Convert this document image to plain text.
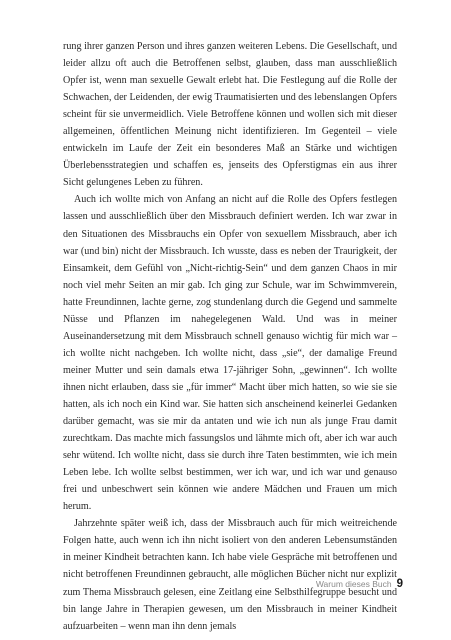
rung ihrer ganzen Person und ihres ganzen weiteren Lebens. Die Gesellschaft, und leider allzu oft auch die Betroffenen selbst, glauben, dass man ausschließlich Opfer ist, wenn man sexuelle Gewalt erlebt hat. Die Festlegung auf die Rolle der Schwachen, der Leidenden, der ewig Traumatisierten und des lebenslangen Opfers scheint für sie unvermeidlich. Viele Betroffene können und wollen sich mit dieser allgemeinen, öffentlichen Meinung nicht identifizieren. Im Gegenteil – viele entwickeln im Laufe der Zeit ein besonderes Maß an Stärke und wichtigen Überlebensstrategien und schaffen es, jenseits des Opferstigmas ein aus ihrer Sicht gelungenes Leben zu führen.

Auch ich wollte mich von Anfang an nicht auf die Rolle des Opfers festlegen lassen und ausschließlich über den Missbrauch definiert werden. Ich war zwar in den Situationen des Missbrauchs ein Opfer von sexuellem Missbrauch, aber ich war (und bin) nicht der Missbrauch. Ich wusste, dass es neben der Traurigkeit, der Einsamkeit, dem Gefühl von „Nicht-richtig-Sein“ und dem ganzen Chaos in mir noch viel mehr Seiten an mir gab. Ich ging zur Schule, war im Schwimmverein, hatte Freundinnen, lachte gerne, zog stundenlang durch die Gegend und sammelte Nüsse und Pflanzen im nahegelegenen Wald. Und was in meiner Auseinandersetzung mit dem Missbrauch schnell genauso wichtig für mich war – ich wollte nicht nachgeben. Ich wollte nicht, dass „sie“, der damalige Freund meiner Mutter und sein damals etwa 17-jähriger Sohn, „gewinnen“. Ich wollte ihnen nicht erlauben, dass sie „für immer“ Macht über mich hatten, so wie sie sie hatten, als ich noch ein Kind war. Sie hatten sich anscheinend keinerlei Gedanken darüber gemacht, was sie mir da antaten und wie ich nun als junge Frau damit zurechtkam. Das machte mich fassungslos und lähmte mich oft, aber ich war auch sehr wütend. Ich wollte nicht, dass sie durch ihre Taten bestimmten, wie ich mein Leben lebe. Ich wollte selbst bestimmen, wer ich war, und ich war und genauso frei und unbeschwert sein können wie andere Mädchen und Frauen um mich herum.

Jahrzehnte später weiß ich, dass der Missbrauch auch für mich weitreichende Folgen hatte, auch wenn ich ihn nicht isoliert von den anderen Lebensumständen in meiner Kindheit betrachten kann. Ich habe viele Gespräche mit betroffenen und nicht betroffenen Freundinnen gebraucht, alle möglichen Bücher nicht nur explizit zum Thema Missbrauch gelesen, eine Zeitlang eine Selbsthilfegruppe besucht und bin lange Jahre in Therapien gewesen, um den Missbrauch in meiner Kindheit aufzuarbeiten – wenn man ihn denn jemals

Warum dieses Buch 9
